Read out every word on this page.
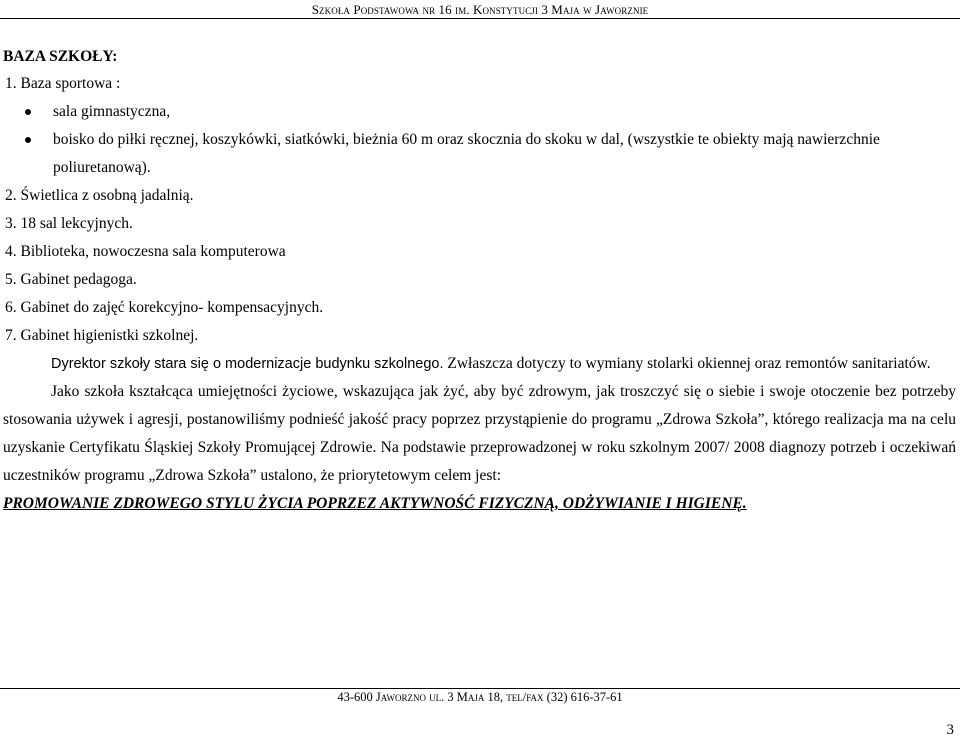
Szkoła Podstawowa nr 16 im. Konstytucji 3 Maja w Jaworznie

BAZA SZKOŁY:

1. Baza sportowa :

sala gimnastyczna,
boisko do piłki ręcznej, koszykówki, siatkówki, bieżnia 60 m oraz skocznia do skoku w dal, (wszystkie te obiekty mają nawierzchnie poliuretanową).

2. Świetlica z osobną jadalnią.

3. 18 sal lekcyjnych.

4. Biblioteka, nowoczesna sala komputerowa

5. Gabinet pedagoga.

6. Gabinet do zajęć korekcyjno- kompensacyjnych.

7. Gabinet higienistki szkolnej.

Dyrektor szkoły stara się o modernizacje budynku szkolnego. Zwłaszcza dotyczy to wymiany stolarki okiennej oraz remontów sanitariatów.

Jako szkoła kształcąca umiejętności życiowe, wskazująca jak żyć, aby być zdrowym, jak troszczyć się o siebie i swoje otoczenie bez potrzeby stosowania używek i agresji, postanowiliśmy podnieść jakość pracy poprzez przystąpienie do programu „Zdrowa Szkoła”, którego realizacja ma na celu uzyskanie Certyfikatu Śląskiej Szkoły Promującej Zdrowie. Na podstawie przeprowadzonej w roku szkolnym 2007/ 2008 diagnozy potrzeb i oczekiwań uczestników programu „Zdrowa Szkoła” ustalono, że priorytetowym celem jest:

PROMOWANIE ZDROWEGO STYLU ŻYCIA POPRZEZ AKTYWNOŚĆ FIZYCZNĄ, ODŻYWIANIE I HIGIENĘ.

43-600 Jaworzno ul. 3 Maja 18, tel/fax (32) 616-37-61
3
